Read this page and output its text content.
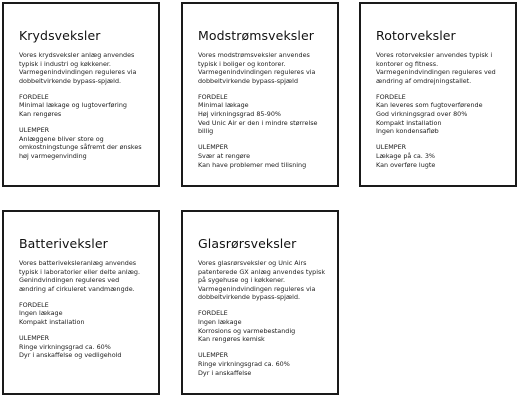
Krydsveksler

Vores krydsveksler anlæg anvendes typisk i industri og køkkener. Varmegenindvindingen reguleres via dobbeltvirkende bypass-spjæld.

FORDELE
Minimal lækage og lugtoverføring
Kan rengøres
ULEMPER
Anlæggene bliver store og omkostningstunge såfremt der ønskes høj varmegenvinding
Modstrømsveksler

Vores modstrømsveksler anvendes typisk i boliger og kontorer. Varmegenindvindingen reguleres via dobbeltvirkende bypass-spjæld

FORDELE
Minimal lækage
Høj virkningsgrad 85-90%
Ved Unic Air er den i mindre størrelse billig
ULEMPER
Svær at rengøre
Kan have problemer med tilisning
Rotorveksler

Vores rotorveksler anvendes typisk i kontorer og fitness. Varmegenindvindingen reguleres ved ændring af omdrejningstallet.

FORDELE
Kan leveres som fugtoverførende
God virkningsgrad over 80%
Kompakt installation
Ingen kondensafløb
ULEMPER
Lækage på ca. 3%
Kan overføre lugte
Batteriveksler

Vores batteriveksleranlæg anvendes typisk i laboratorier eller delte anlæg. Genindvindingen reguleres ved ændring af cirkuleret vandmængde.

FORDELE
Ingen lækage
Kompakt installation
ULEMPER
Ringe virkningsgrad ca. 60%
Dyr i anskaffelse og vedligehold
Glasrørsveksler

Vores glasrørsveksler og Unic Airs patenterede GX anlæg anvendes typisk på sygehuse og i køkkener. Varmegenindvindingen reguleres via dobbeltvirkende bypass-spjæld.

FORDELE
Ingen lækage
Korrosions og varmebestandig
Kan rengøres kemisk
ULEMPER
Ringe virkningsgrad ca. 60%
Dyr i anskaffelse
